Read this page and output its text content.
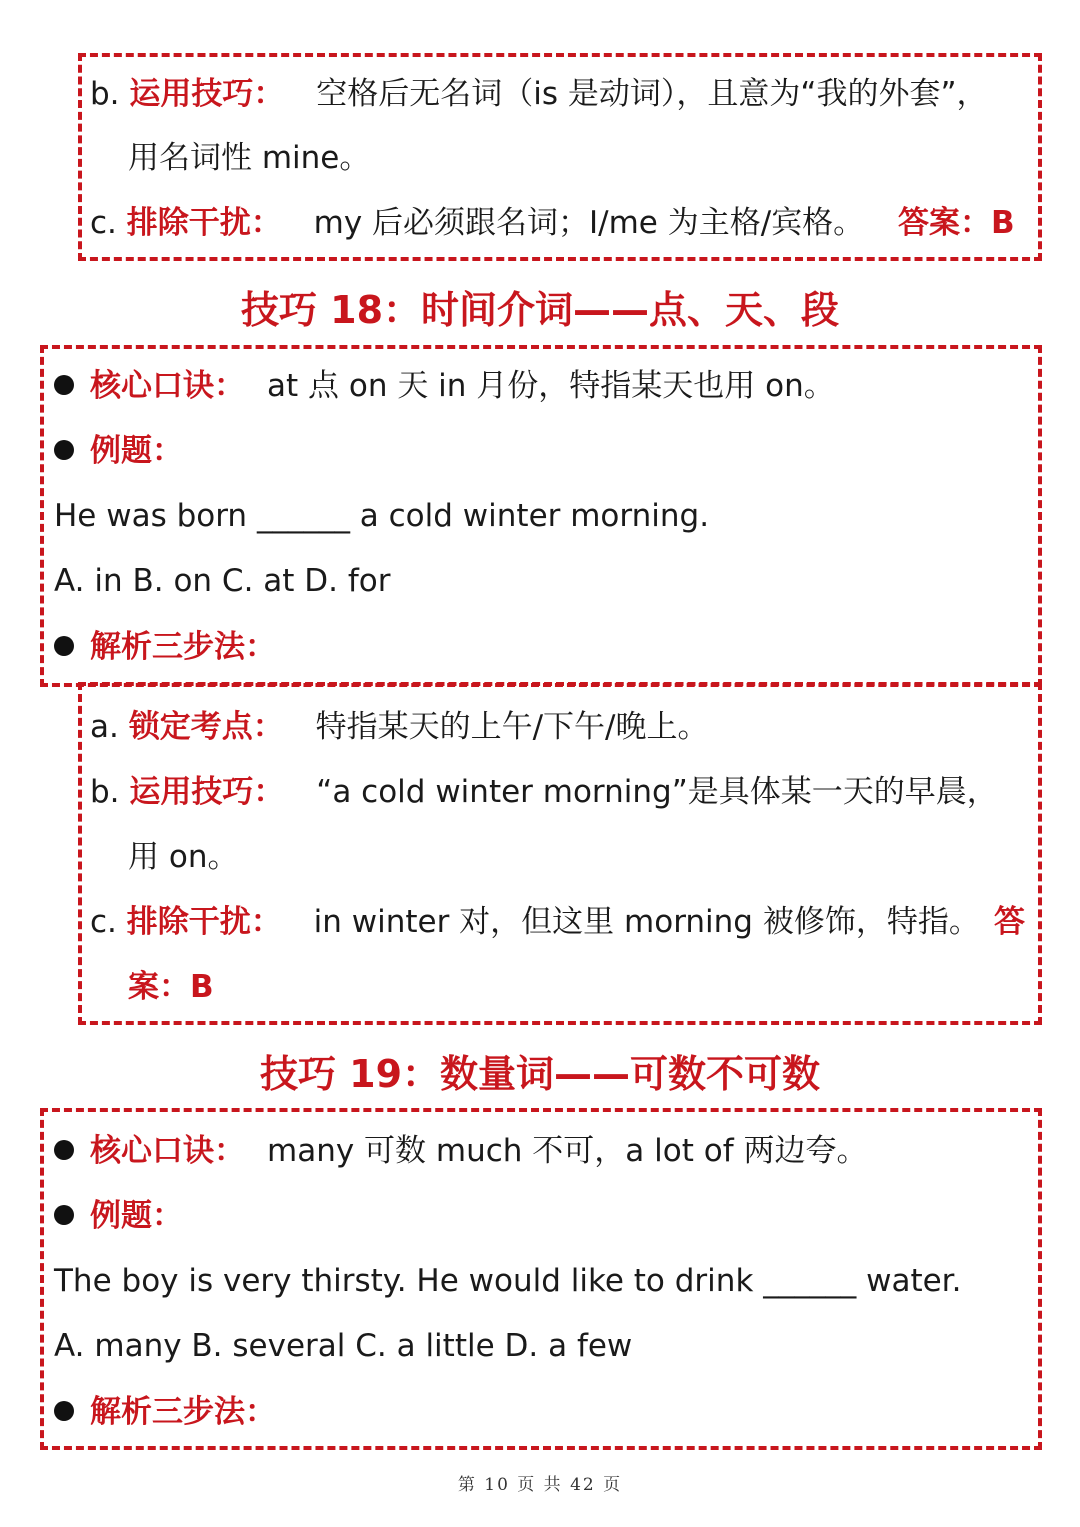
b. 运用技巧： 空格后无名词（is 是动词），且意为“我的外套”，
用名词性 mine。
c. 排除干扰： my 后必须跟名词；I/me 为主格/宾格。 答案：B
技巧 18：时间介词——点、天、段
核心口诀： at 点 on 天 in 月份，特指某天也用 on。
例题：
He was born ______ a cold winter morning.
A. in B. on C. at D. for
解析三步法：
a. 锁定考点： 特指某天的上午/下午/晚上。
b. 运用技巧： “a cold winter morning”是具体某一天的早晨，
用 on。
c. 排除干扰： in winter 对，但这里 morning 被修饰，特指。 答
案：B
技巧 19：数量词——可数不可数
核心口诀： many 可数 much 不可，a lot of 两边夸。
例题：
The boy is very thirsty. He would like to drink ______ water.
A. many B. several C. a little D. a few
解析三步法：
第 10 页 共 42 页
